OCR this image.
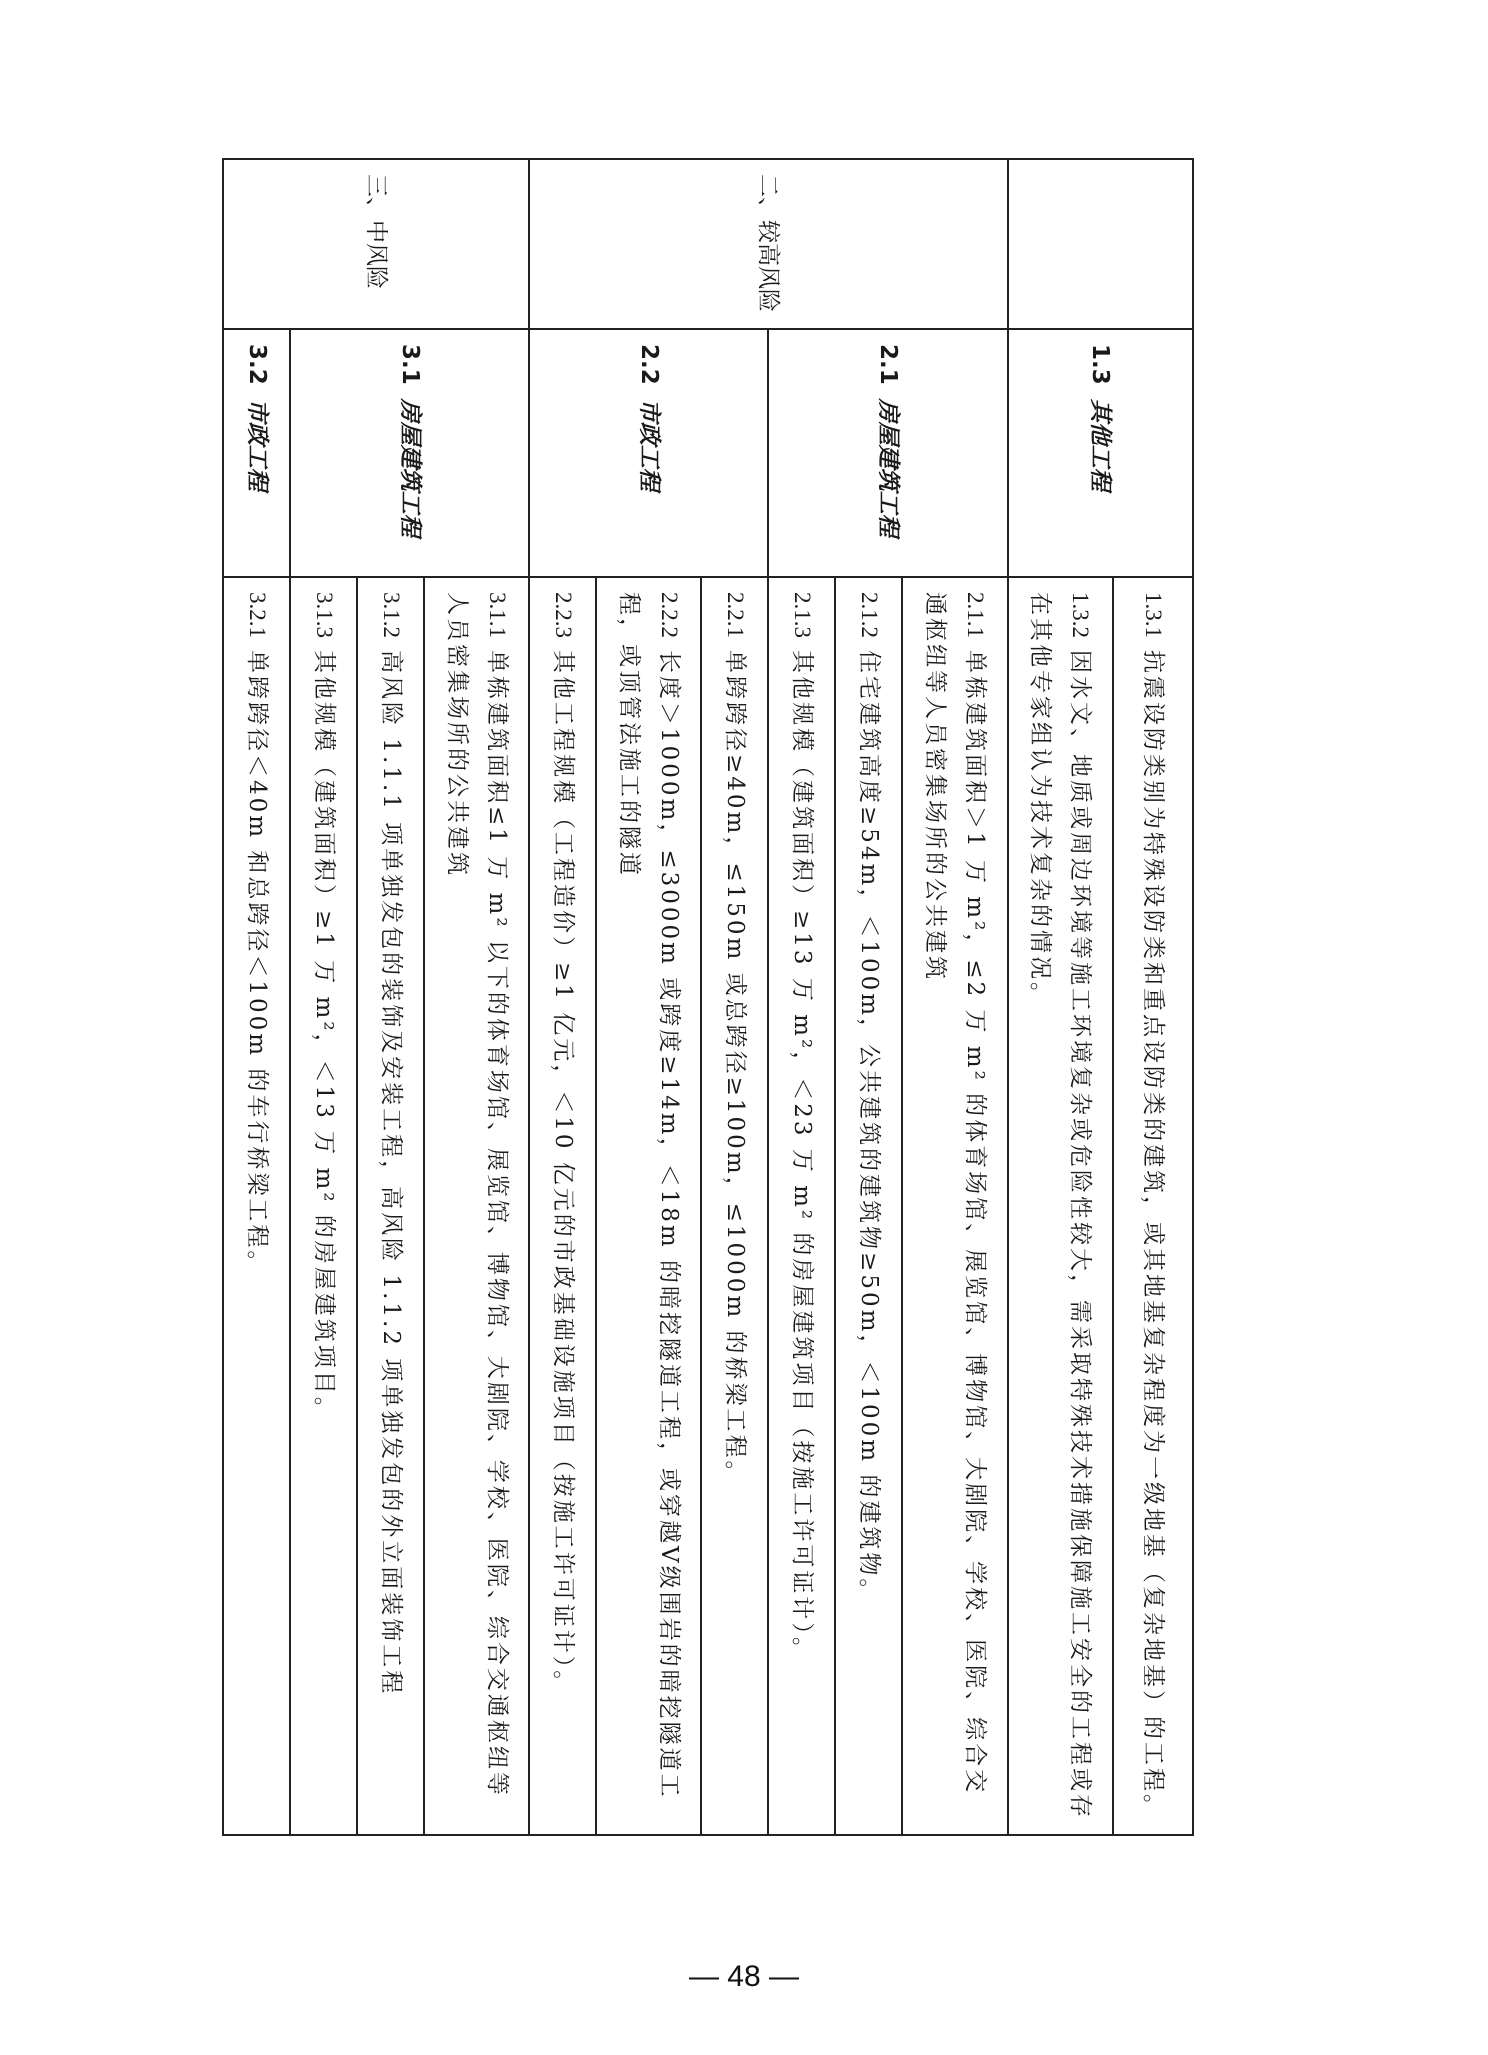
	1.3其他工程	1.3.1抗震设防类别为特殊设防类和重点设防类的建筑，或其地基复杂程度为一级地基（复杂地基）的工程。
		1.3.2因水文、地质或周边环境等施工环境复杂或危险性较大，需采取特殊技术措施保障施工安全的工程或存在其他专家组认为技术复杂的情况。
二、较高风险	2.1房屋建筑工程	2.1.1单栋建筑面积＞1 万 m²，≤2 万 m² 的体育场馆、展览馆、博物馆、大剧院、学校、医院、综合交通枢纽等人员密集场所的公共建筑
		2.1.2住宅建筑高度≥54m，＜100m，公共建筑的建筑物≥50m，＜100m 的建筑物。
		2.1.3其他规模（建筑面积）≥13 万 m²，＜23 万 m² 的房屋建筑项目（按施工许可证计）。
	2.2市政工程	2.2.1单跨跨径≥40m，≤150m 或总跨径≥100m，≤1000m 的桥梁工程。
		2.2.2长度＞1000m，≤3000m 或跨度≥14m，＜18m 的暗挖隧道工程，或穿越Ⅴ级围岩的暗挖隧道工程，或顶管法施工的隧道
		2.2.3其他工程规模（工程造价）≥1 亿元，＜10 亿元的市政基础设施项目（按施工许可证计）。
三、中风险	3.1房屋建筑工程	3.1.1单栋建筑面积≤1 万 m² 以下的体育场馆、展览馆、博物馆、大剧院、学校、医院、综合交通枢纽等人员密集场所的公共建筑
		3.1.2高风险 1.1.1 项单独发包的装饰及安装工程，高风险 1.1.2 项单独发包的外立面装饰工程
		3.1.3其他规模（建筑面积）≥1 万 m²，＜13 万 m² 的房屋建筑项目。
	3.2市政工程	3.2.1单跨跨径＜40m 和总跨径＜100m 的车行桥梁工程。
— 48 —
